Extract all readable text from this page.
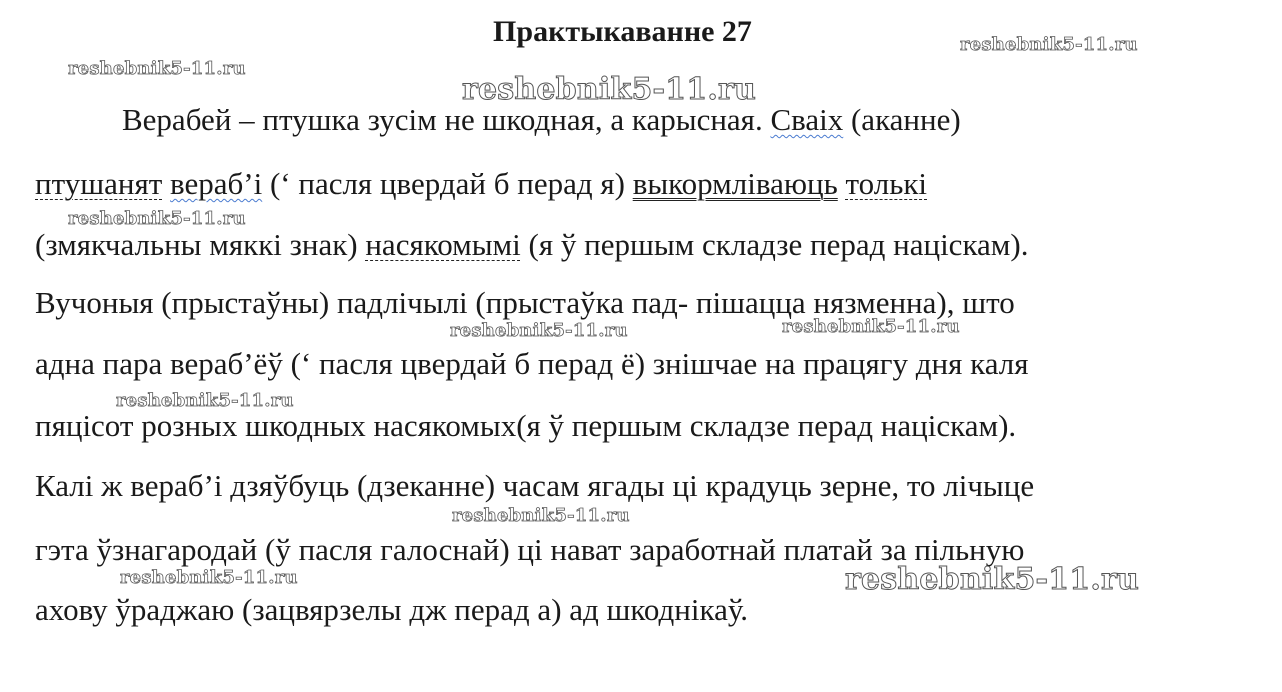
Практыкаванне 27
Верабей – птушка зусім не шкодная, а карысная. Сваіх (аканне)
птушанят вераб’і (‘ пасля цвердай б перад я) выкормліваюць толькі
(змякчальны мяккі знак) насякомымі (я ў першым складзе перад націскам).
Вучоныя (прыстаўны) падлічылі (прыстаўка пад- пішацца нязменна), што
адна пара вераб’ёў (‘ пасля цвердай б перад ё) знішчае на працягу дня каля
пяцісот розных шкодных насякомых(я ў першым складзе перад націскам).
Калі ж вераб’і дзяўбуць (дзеканне) часам ягады ці крадуць зерне, то лічыце
гэта ўзнагародай (ў пасля галоснай) ці нават заработнай платай за пільную
ахову ўраджаю (зацвярзелы дж перад а) ад шкоднікаў.
reshebnik5-11.ru
reshebnik5-11.ru
reshebnik5-11.ru
reshebnik5-11.ru
reshebnik5-11.ru	reshebnik5-11.ru
reshebnik5-11.ru
reshebnik5-11.ru
reshebnik5-11.ru	reshebnik5-11.ru
